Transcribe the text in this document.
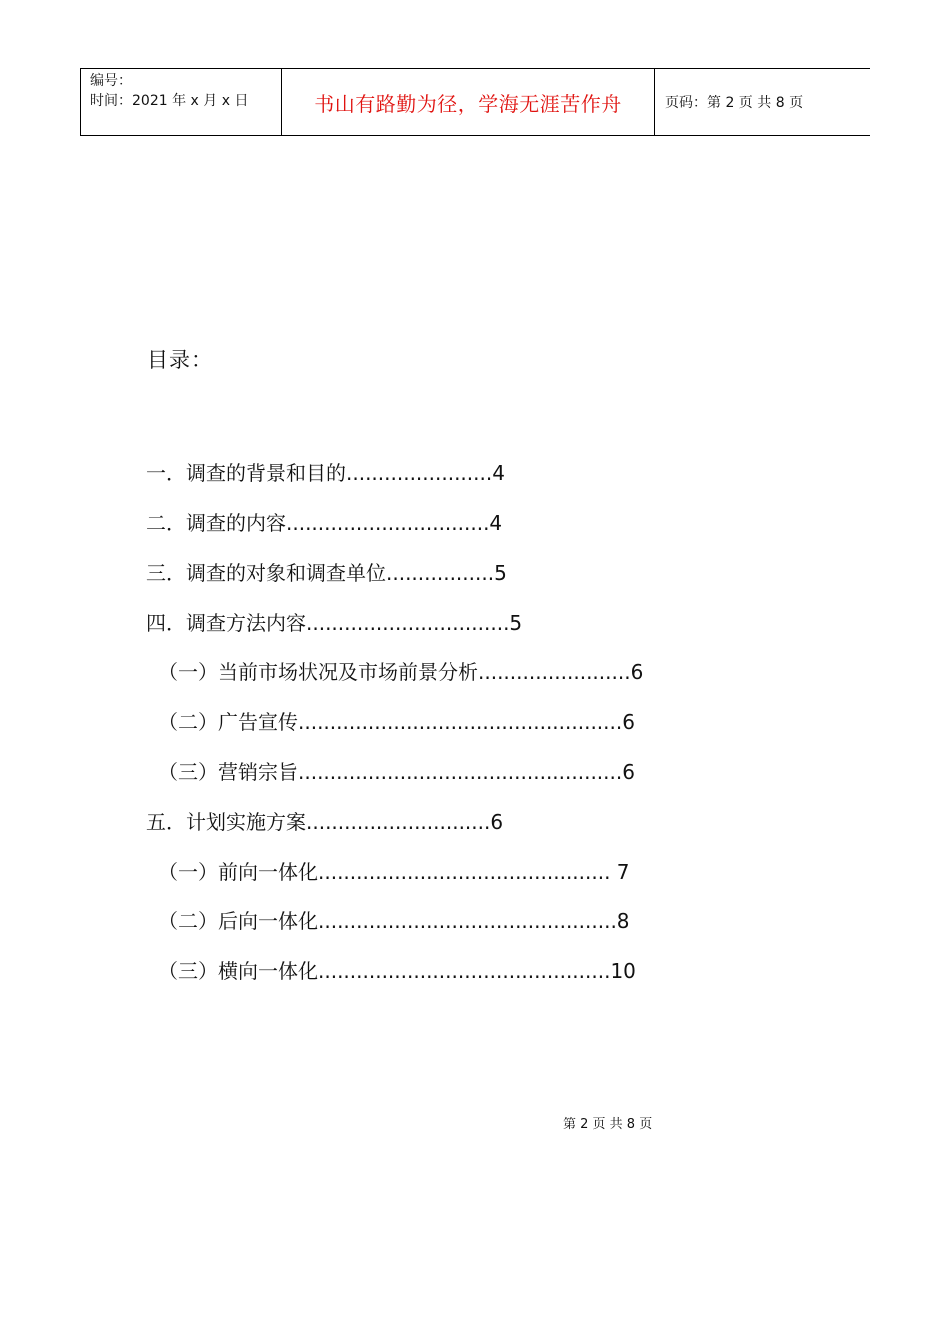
编号：
时间：2021 年 x 月 x 日	书山有路勤为径，学海无涯苦作舟	页码：第 2 页 共 8 页
目录：
一．调查的背景和目的.......................4
二．调查的内容................................4
三．调查的对象和调查单位.................5
四．调查方法内容................................5
（一）当前市场状况及市场前景分析........................6
（二）广告宣传...................................................6
（三）营销宗旨...................................................6
五．计划实施方案.............................6
（一）前向一体化.............................................. 7
（二）后向一体化...............................................8
（三）横向一体化..............................................10
第 2 页 共 8 页
